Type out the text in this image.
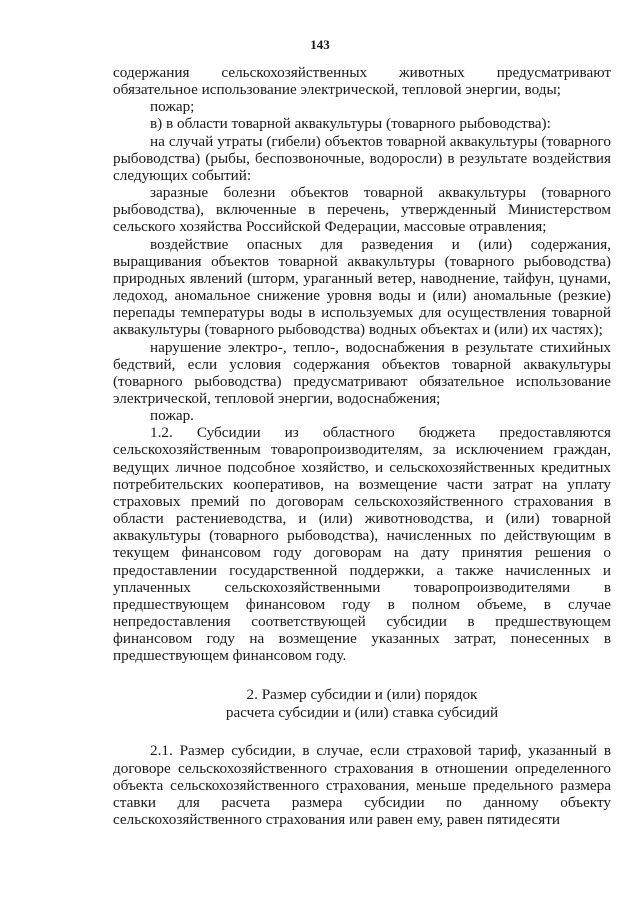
143

содержания сельскохозяйственных животных предусматривают обязательное использование электрической, тепловой энергии, воды;

пожар;

в) в области товарной аквакультуры (товарного рыбоводства):

на случай утраты (гибели) объектов товарной аквакультуры (товарного рыбоводства) (рыбы, беспозвоночные, водоросли) в результате воздействия следующих событий:

заразные болезни объектов товарной аквакультуры (товарного рыбоводства), включенные в перечень, утвержденный Министерством сельского хозяйства Российской Федерации, массовые отравления;

воздействие опасных для разведения и (или) содержания, выращивания объектов товарной аквакультуры (товарного рыбоводства) природных явлений (шторм, ураганный ветер, наводнение, тайфун, цунами, ледоход, аномальное снижение уровня воды и (или) аномальные (резкие) перепады температуры воды в используемых для осуществления товарной аквакультуры (товарного рыбоводства) водных объектах и (или) их частях);

нарушение электро-, тепло-, водоснабжения в результате стихийных бедствий, если условия содержания объектов товарной аквакультуры (товарного рыбоводства) предусматривают обязательное использование электрической, тепловой энергии, водоснабжения;

пожар.

1.2. Субсидии из областного бюджета предоставляются сельскохозяйственным товаропроизводителям, за исключением граждан, ведущих личное подсобное хозяйство, и сельскохозяйственных кредитных потребительских кооперативов, на возмещение части затрат на уплату страховых премий по договорам сельскохозяйственного страхования в области растениеводства, и (или) животноводства, и (или) товарной аквакультуры (товарного рыбоводства), начисленных по действующим в текущем финансовом году договорам на дату принятия решения о предоставлении государственной поддержки, а также начисленных и уплаченных сельскохозяйственными товаропроизводителями в предшествующем финансовом году в полном объеме, в случае непредоставления соответствующей субсидии в предшествующем финансовом году на возмещение указанных затрат, понесенных в предшествующем финансовом году.

2. Размер субсидии и (или) порядок
расчета субсидии и (или) ставка субсидий

2.1. Размер субсидии, в случае, если страховой тариф, указанный в договоре сельскохозяйственного страхования в отношении определенного объекта сельскохозяйственного страхования, меньше предельного размера ставки для расчета размера субсидии по данному объекту сельскохозяйственного страхования или равен ему, равен пятидесяти
